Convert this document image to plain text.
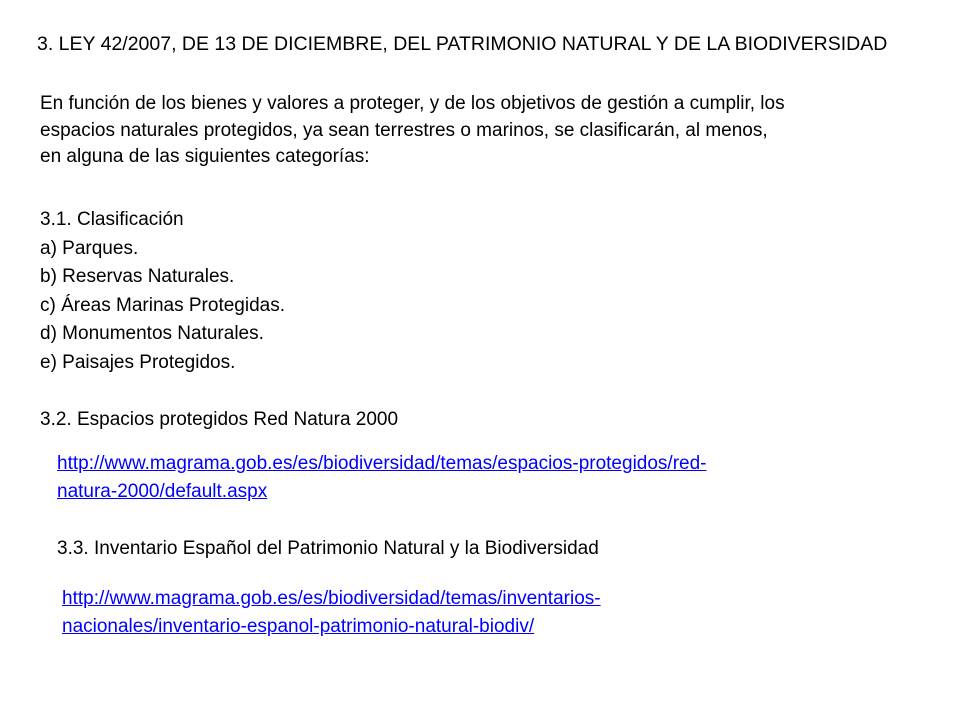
3. LEY 42/2007, DE 13 DE DICIEMBRE, DEL PATRIMONIO NATURAL Y DE LA BIODIVERSIDAD

En función de los bienes y valores a proteger, y de los objetivos de gestión a cumplir, los

espacios naturales protegidos, ya sean terrestres o marinos, se clasificarán, al menos,

en alguna de las siguientes categorías:

3.1. Clasificación

a) Parques.

b) Reservas Naturales.

c) Áreas Marinas Protegidas.

d) Monumentos Naturales.

e) Paisajes Protegidos.

3.2. Espacios protegidos Red Natura 2000
http://www.magrama.gob.es/es/biodiversidad/temas/espacios-protegidos/red-
natura-2000/default.aspx
3.3. Inventario Español del Patrimonio Natural y la Biodiversidad
http://www.magrama.gob.es/es/biodiversidad/temas/inventarios-
nacionales/inventario-espanol-patrimonio-natural-biodiv/
